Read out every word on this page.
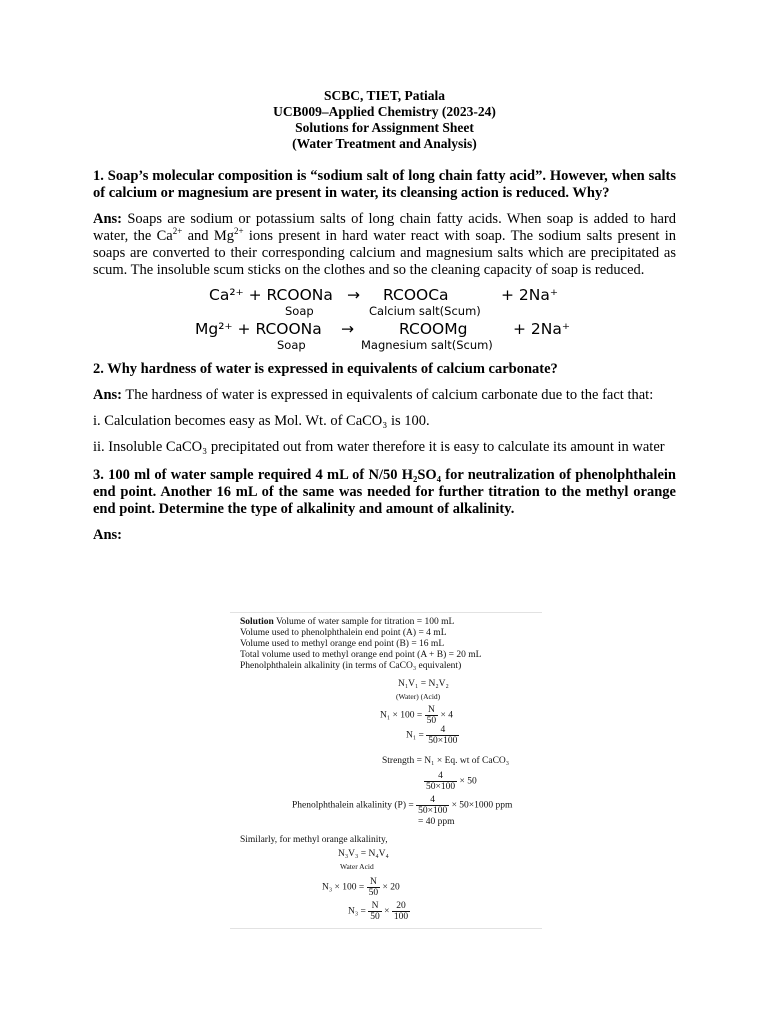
SCBC, TIET, Patiala
UCB009–Applied Chemistry (2023-24)
Solutions for Assignment Sheet
(Water Treatment and Analysis)
1. Soap’s molecular composition is “sodium salt of long chain fatty acid”. However, when salts of calcium or magnesium are present in water, its cleansing action is reduced. Why?
Ans: Soaps are sodium or potassium salts of long chain fatty acids. When soap is added to hard water, the $Ca^{2+}$ and $Mg^{2+}$ ions present in hard water react with soap. The sodium salts present in soaps are converted to their corresponding calcium and magnesium salts which are precipitated as scum. The insoluble scum sticks on the clothes and so the cleaning capacity of soap is reduced.
Ca²⁺ + RCOONa → RCOOCa	+ 2Na⁺
Soap	Calcium salt(Scum)
Mg²⁺ + RCOONa →	RCOOMg	+ 2Na⁺
Soap	Magnesium salt(Scum)
2. Why hardness of water is expressed in equivalents of calcium carbonate?
Ans: The hardness of water is expressed in equivalents of calcium carbonate due to the fact that:
i. Calculation becomes easy as Mol. Wt. of CaCO₃ is 100.
ii. Insoluble CaCO₃ precipitated out from water therefore it is easy to calculate its amount in water
3. 100 ml of water sample required 4 mL of N/50 H₂SO₄ for neutralization of phenolphthalein end point. Another 16 mL of the same was needed for further titration to the methyl orange end point. Determine the type of alkalinity and amount of alkalinity.
Ans:
Solution Volume of water sample for titration = 100 mL
Volume used to phenolphthalein end point (A) = 4 mL
Volume used to methyl orange end point (B) = 16 mL
Total volume used to methyl orange end point (A + B) = 20 mL
Phenolphthalein alkalinity (in terms of CaCO₃ equivalent)
N₁V₁ = N₂V₂
(Water) (Acid)
$N_1 \times 100 = \frac{N}{50} \times 4$
$N_1 = \frac{4}{50\times 100}$
Strength = N₁ × Eq. wt of CaCO₃
$\frac{4}{50\times 100} \times 50$
Phenolphthalein alkalinity $(P) = \frac{4}{50\times 100} \times 50\times 1000$ ppm
= 40 ppm
Similarly, for methyl orange alkalinity,
N₃V₃ = N₄V₄
Water Acid
$N_3 \times 100 = \frac{N}{50} \times 20$
$N_3 = \frac{N}{50} \times \frac{20}{100}$
